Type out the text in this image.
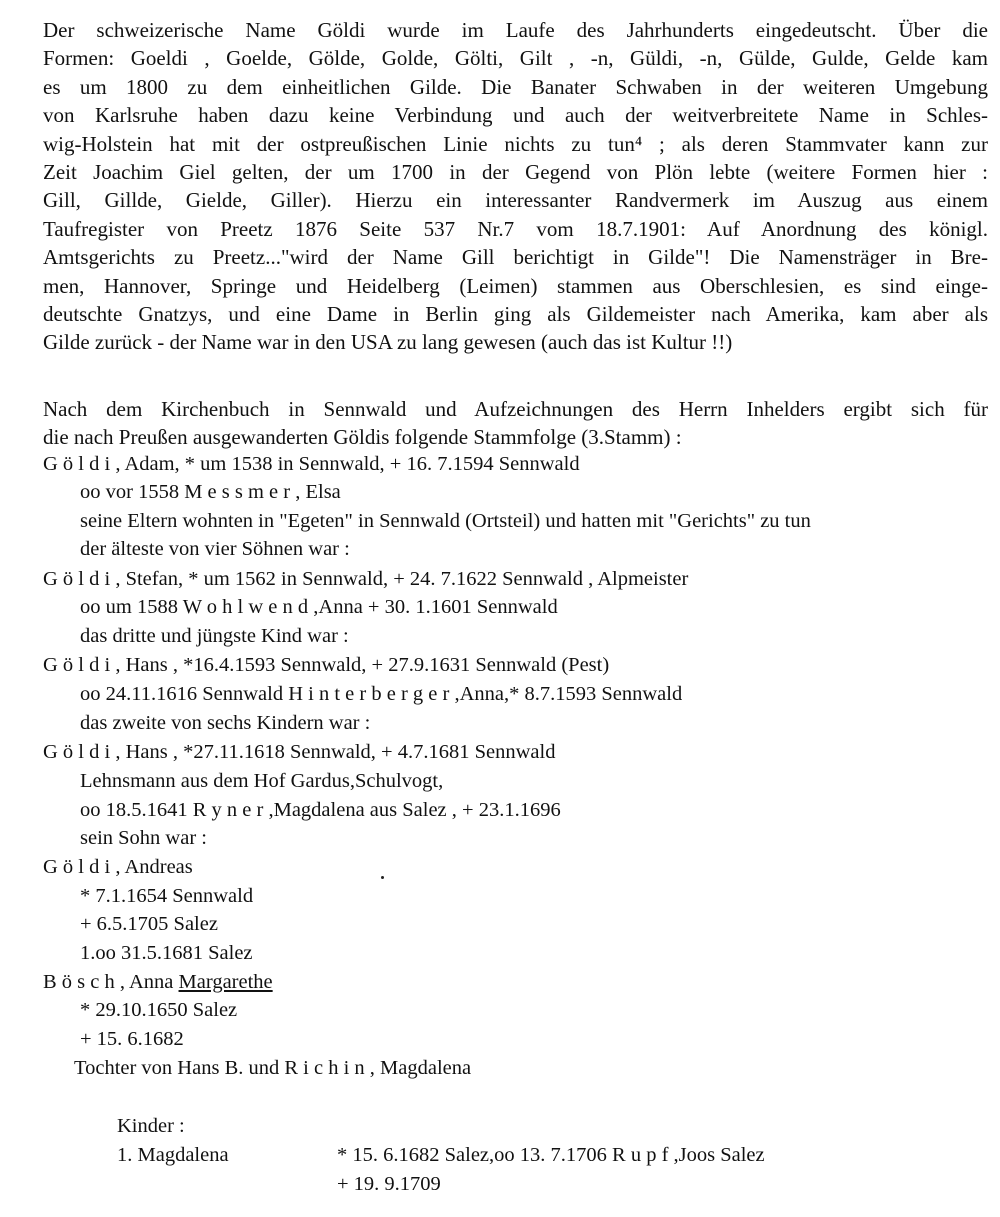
Der schweizerische Name Göldi wurde im Laufe des Jahrhunderts eingedeutscht. Über die
Formen: Goeldi , Goelde, Gölde, Golde, Gölti, Gilt , -n, Güldi, -n, Gülde, Gulde, Gelde kam
es um 1800 zu dem einheitlichen Gilde. Die Banater Schwaben in der weiteren Umgebung
von Karlsruhe haben dazu keine Verbindung und auch der weitverbreitete Name in Schles-
wig-Holstein hat mit der ostpreußischen Linie nichts zu tun⁴ ; als deren Stammvater kann zur
Zeit Joachim Giel gelten, der um 1700 in der Gegend von Plön lebte (weitere Formen hier :
Gill, Gillde, Gielde, Giller). Hierzu ein interessanter Randvermerk im Auszug aus einem
Taufregister von Preetz 1876 Seite 537 Nr.7 vom 18.7.1901: Auf Anordnung des königl.
Amtsgerichts zu Preetz..."wird der Name Gill berichtigt in Gilde"! Die Namensträger in Bre-
men, Hannover, Springe und Heidelberg (Leimen) stammen aus Oberschlesien, es sind einge-
deutschte Gnatzys, und eine Dame in Berlin ging als Gildemeister nach Amerika, kam aber als
Gilde zurück - der Name war in den USA zu lang gewesen (auch das ist Kultur !!)

Nach dem Kirchenbuch in Sennwald und Aufzeichnungen des Herrn Inhelders ergibt sich für
die nach Preußen ausgewanderten Göldis folgende Stammfolge (3.Stamm) :

G ö l d i , Adam, * um 1538 in Sennwald, + 16. 7.1594 Sennwald
oo vor 1558 M e s s m e r , Elsa
seine Eltern wohnten in "Egeten" in Sennwald (Ortsteil) und hatten mit "Gerichts" zu tun
der älteste von vier Söhnen war :
G ö l d i , Stefan, * um 1562 in Sennwald, + 24. 7.1622 Sennwald , Alpmeister
oo um 1588 W o h l w e n d ,Anna + 30. 1.1601 Sennwald
das dritte und jüngste Kind war :
G ö l d i , Hans , *16.4.1593 Sennwald, + 27.9.1631 Sennwald (Pest)
oo 24.11.1616 Sennwald H i n t e r b e r g e r ,Anna,* 8.7.1593 Sennwald
das zweite von sechs Kindern war :
G ö l d i , Hans , *27.11.1618 Sennwald, + 4.7.1681 Sennwald
Lehnsmann aus dem Hof Gardus,Schulvogt,
oo 18.5.1641 R y n e r ,Magdalena aus Salez , + 23.1.1696
sein Sohn war :
G ö l d i , Andreas
* 7.1.1654 Sennwald
+ 6.5.1705 Salez
1.oo 31.5.1681 Salez
B ö s c h , Anna Margarethe
* 29.10.1650 Salez
+ 15. 6.1682
Tochter von Hans B. und R i c h i n , Magdalena
Kinder :
1. Magdalena	* 15. 6.1682 Salez,oo 13. 7.1706 R u p f ,Joos Salez
+ 19. 9.1709
